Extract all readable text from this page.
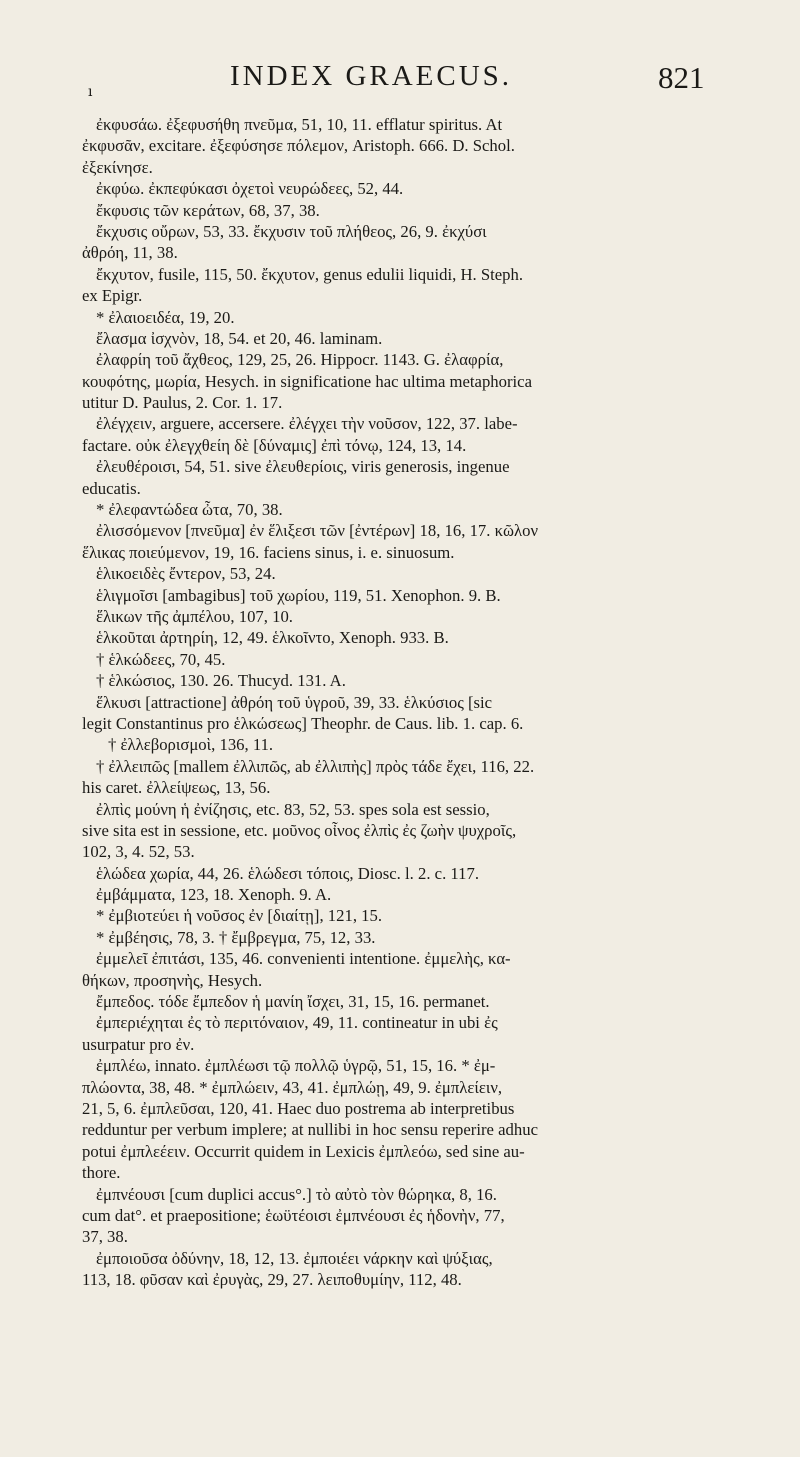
ı	INDEX GRAECUS.	821
ἐκφυσάω. ἐξεφυσήθη πνεῦμα, 51, 10, 11. efflatur spiritus. At
ἐκφυσᾶν, excitare. ἐξεφύσησε πόλεμον, Aristoph. 666. D. Schol.
ἐξεκίνησε.
ἐκφύω. ἐκπεφύκασι ὀχετοὶ νευρώδεες, 52, 44.
ἔκφυσις τῶν κεράτων, 68, 37, 38.
ἔκχυσις οὔρων, 53, 33. ἔκχυσιν τοῦ πλήθεος, 26, 9. ἐκχύσι
ἀθρόη, 11, 38.
ἔκχυτον, fusile, 115, 50. ἔκχυτον, genus edulii liquidi, H. Steph.
ex Epigr.
* ἐλαιοειδέα, 19, 20.
ἔλασμα ἰσχνὸν, 18, 54. et 20, 46. laminam.
ἐλαφρίη τοῦ ἄχθεος, 129, 25, 26. Hippocr. 1143. G. ἐλαφρία,
κουφότης, μωρία, Hesych. in significatione hac ultima metaphorica
utitur D. Paulus, 2. Cor. 1. 17.
ἐλέγχειν, arguere, accersere. ἐλέγχει τὴν νοῦσον, 122, 37. labe-
factare. οὐκ ἐλεγχθείη δὲ [δύναμις] ἐπὶ τόνῳ, 124, 13, 14.
ἐλευθέροισι, 54, 51. sive ἐλευθερίοις, viris generosis, ingenue
educatis.
* ἐλεφαντώδεα ὦτα, 70, 38.
ἐλισσόμενον [πνεῦμα] ἐν ἕλιξεσι τῶν [ἐντέρων] 18, 16, 17. κῶλον
ἕλικας ποιεύμενον, 19, 16. faciens sinus, i. e. sinuosum.
ἑλικοειδὲς ἔντερον, 53, 24.
ἑλιγμοῖσι [ambagibus] τοῦ χωρίου, 119, 51. Xenophon. 9. B.
ἕλικων τῆς ἀμπέλου, 107, 10.
ἑλκοῦται ἀρτηρίη, 12, 49. ἑλκοῖντο, Xenoph. 933. B.
† ἑλκώδεες, 70, 45.
† ἑλκώσιος, 130. 26. Thucyd. 131. A.
ἕλκυσι [attractione] ἀθρόη τοῦ ὑγροῦ, 39, 33. ἑλκύσιος [sic
legit Constantinus pro ἑλκώσεως] Theophr. de Caus. lib. 1. cap. 6.
† ἐλλεβορισμοὶ, 136, 11.
† ἐλλειπῶς [mallem ἐλλιπῶς, ab ἐλλιπὴς] πρὸς τάδε ἔχει, 116, 22.
his caret. ἐλλείψεως, 13, 56.
ἐλπὶς μούνη ἡ ἐνίζησις, etc. 83, 52, 53. spes sola est sessio,
sive sita est in sessione, etc. μοῦνος οἶνος ἐλπὶς ἐς ζωὴν ψυχροῖς,
102, 3, 4. 52, 53.
ἑλώδεα χωρία, 44, 26. ἑλώδεσι τόποις, Diosc. l. 2. c. 117.
ἐμβάμματα, 123, 18. Xenoph. 9. A.
* ἐμβιοτεύει ἡ νοῦσος ἐν [διαίτῃ], 121, 15.
* ἐμβέησις, 78, 3. † ἔμβρεγμα, 75, 12, 33.
ἐμμελεῖ ἐπιτάσι, 135, 46. convenienti intentione. ἐμμελὴς, κα-
θήκων, προσηνὴς, Hesych.
ἔμπεδος. τόδε ἔμπεδον ἡ μανίη ἴσχει, 31, 15, 16. permanet.
ἐμπεριέχηται ἐς τὸ περιτόναιον, 49, 11. contineatur in ubi ἐς
usurpatur pro ἐν.
ἐμπλέω, innato. ἐμπλέωσι τῷ πολλῷ ὑγρῷ, 51, 15, 16. * ἐμ-
πλώοντα, 38, 48. * ἐμπλώειν, 43, 41. ἐμπλώῃ, 49, 9. ἐμπλείειν,
21, 5, 6. ἐμπλεῦσαι, 120, 41. Haec duo postrema ab interpretibus
redduntur per verbum implere; at nullibi in hoc sensu reperire adhuc
potui ἐμπλεέειν. Occurrit quidem in Lexicis ἐμπλεόω, sed sine au-
thore.
ἐμπνέουσι [cum duplici accus°.] τὸ αὐτὸ τὸν θώρηκα, 8, 16.
cum dat°. et praepositione; ἑωϋτέοισι ἐμπνέουσι ἐς ἡδονὴν, 77,
37, 38.
ἐμποιοῦσα ὀδύνην, 18, 12, 13. ἐμποιέει νάρκην καὶ ψύξιας,
113, 18. φῦσαν καὶ ἐρυγὰς, 29, 27. λειποθυμίην, 112, 48.
